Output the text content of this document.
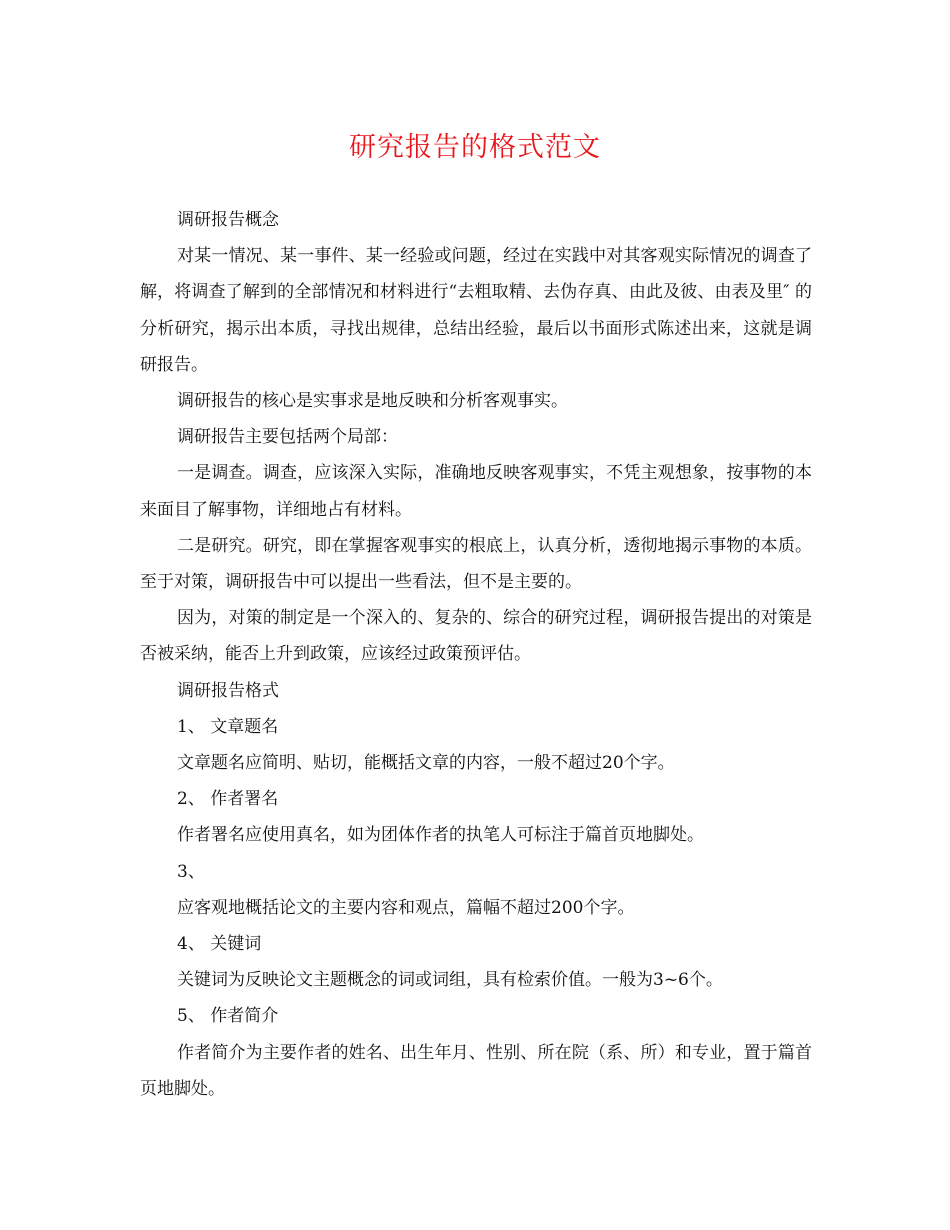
研究报告的格式范文

调研报告概念

对某一情况、某一事件、某一经验或问题，经过在实践中对其客观实际情况的调查了解，将调查了解到的全部情况和材料进行“去粗取精、去伪存真、由此及彼、由表及里″ 的分析研究，揭示出本质，寻找出规律，总结出经验，最后以书面形式陈述出来，这就是调研报告。

调研报告的核心是实事求是地反映和分析客观事实。

调研报告主要包括两个局部：

一是调查。调查，应该深入实际，准确地反映客观事实，不凭主观想象，按事物的本来面目了解事物，详细地占有材料。

二是研究。研究，即在掌握客观事实的根底上，认真分析，透彻地揭示事物的本质。至于对策，调研报告中可以提出一些看法，但不是主要的。

因为，对策的制定是一个深入的、复杂的、综合的研究过程，调研报告提出的对策是否被采纳，能否上升到政策，应该经过政策预评估。

调研报告格式

1、 文章题名

文章题名应简明、贴切，能概括文章的内容，一般不超过20个字。

2、 作者署名

作者署名应使用真名，如为团体作者的执笔人可标注于篇首页地脚处。

3、

应客观地概括论文的主要内容和观点，篇幅不超过200个字。

4、 关键词

关键词为反映论文主题概念的词或词组，具有检索价值。一般为3~6个。

5、 作者简介

作者简介为主要作者的姓名、出生年月、性别、所在院（系、所）和专业，置于篇首页地脚处。
